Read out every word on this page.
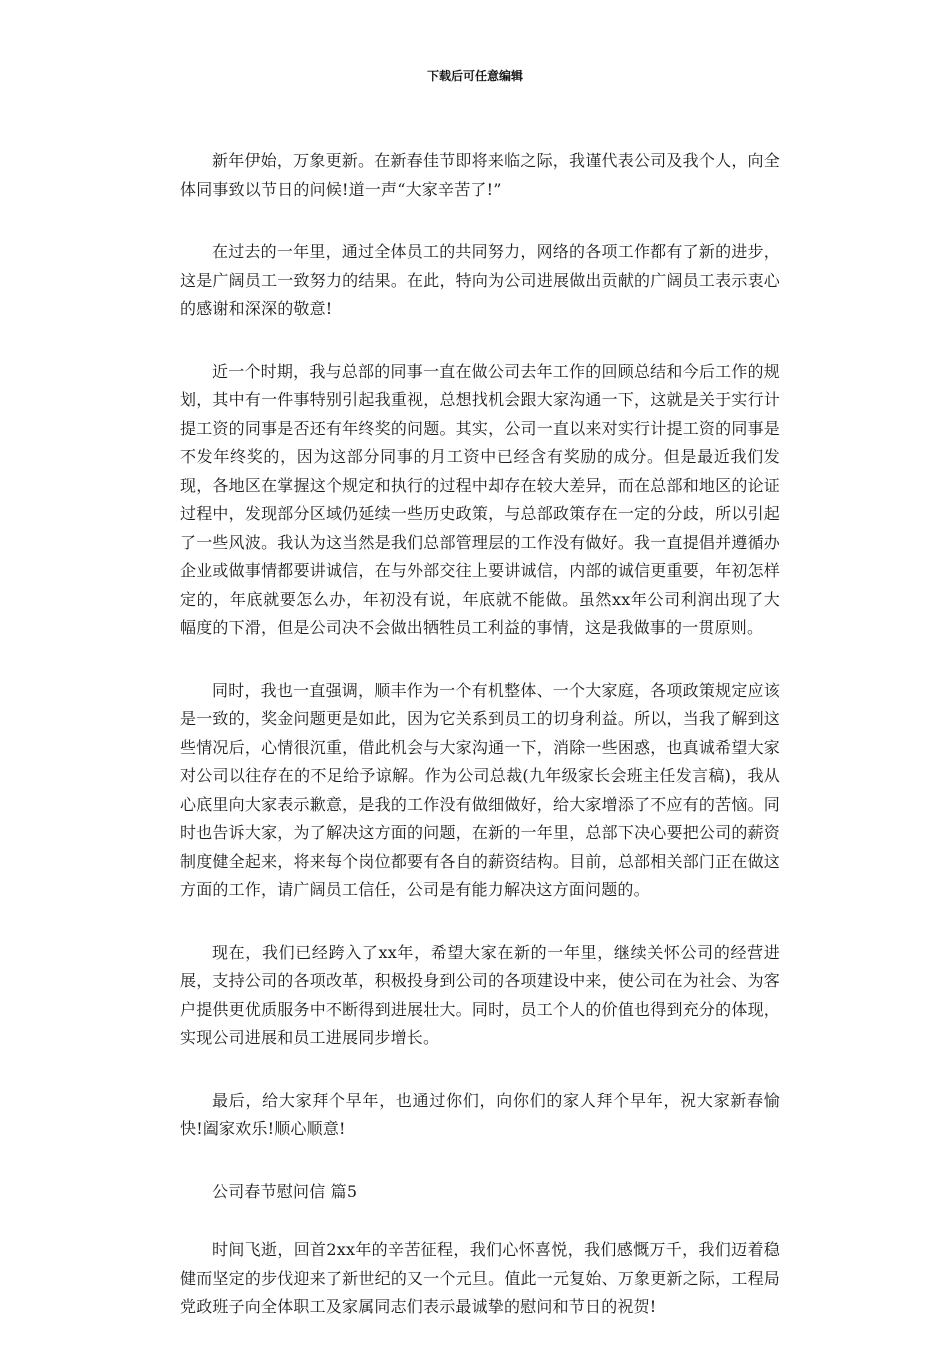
下载后可任意编辑

新年伊始，万象更新。在新春佳节即将来临之际，我谨代表公司及我个人，向全体同事致以节日的问候!道一声“大家辛苦了!”

在过去的一年里，通过全体员工的共同努力，网络的各项工作都有了新的进步，这是广阔员工一致努力的结果。在此，特向为公司进展做出贡献的广阔员工表示衷心的感谢和深深的敬意!

近一个时期，我与总部的同事一直在做公司去年工作的回顾总结和今后工作的规划，其中有一件事特别引起我重视，总想找机会跟大家沟通一下，这就是关于实行计提工资的同事是否还有年终奖的问题。其实，公司一直以来对实行计提工资的同事是不发年终奖的，因为这部分同事的月工资中已经含有奖励的成分。但是最近我们发现，各地区在掌握这个规定和执行的过程中却存在较大差异，而在总部和地区的论证过程中，发现部分区域仍延续一些历史政策，与总部政策存在一定的分歧，所以引起了一些风波。我认为这当然是我们总部管理层的工作没有做好。我一直提倡并遵循办企业或做事情都要讲诚信，在与外部交往上要讲诚信，内部的诚信更重要，年初怎样定的，年底就要怎么办，年初没有说，年底就不能做。虽然xx年公司利润出现了大幅度的下滑，但是公司决不会做出牺牲员工利益的事情，这是我做事的一贯原则。

同时，我也一直强调，顺丰作为一个有机整体、一个大家庭，各项政策规定应该是一致的，奖金问题更是如此，因为它关系到员工的切身利益。所以，当我了解到这些情况后，心情很沉重，借此机会与大家沟通一下，消除一些困惑，也真诚希望大家对公司以往存在的不足给予谅解。作为公司总裁(九年级家长会班主任发言稿)，我从心底里向大家表示歉意，是我的工作没有做细做好，给大家增添了不应有的苦恼。同时也告诉大家，为了解决这方面的问题，在新的一年里，总部下决心要把公司的薪资制度健全起来，将来每个岗位都要有各自的薪资结构。目前，总部相关部门正在做这方面的工作，请广阔员工信任，公司是有能力解决这方面问题的。

现在，我们已经跨入了xx年，希望大家在新的一年里，继续关怀公司的经营进展，支持公司的各项改革，积极投身到公司的各项建设中来，使公司在为社会、为客户提供更优质服务中不断得到进展壮大。同时，员工个人的价值也得到充分的体现，实现公司进展和员工进展同步增长。

最后，给大家拜个早年，也通过你们，向你们的家人拜个早年，祝大家新春愉快!阖家欢乐!顺心顺意!

公司春节慰问信 篇5

时间飞逝，回首2xx年的辛苦征程，我们心怀喜悦，我们感慨万千，我们迈着稳健而坚定的步伐迎来了新世纪的又一个元旦。值此一元复始、万象更新之际，工程局党政班子向全体职工及家属同志们表示最诚挚的慰问和节日的祝贺!
